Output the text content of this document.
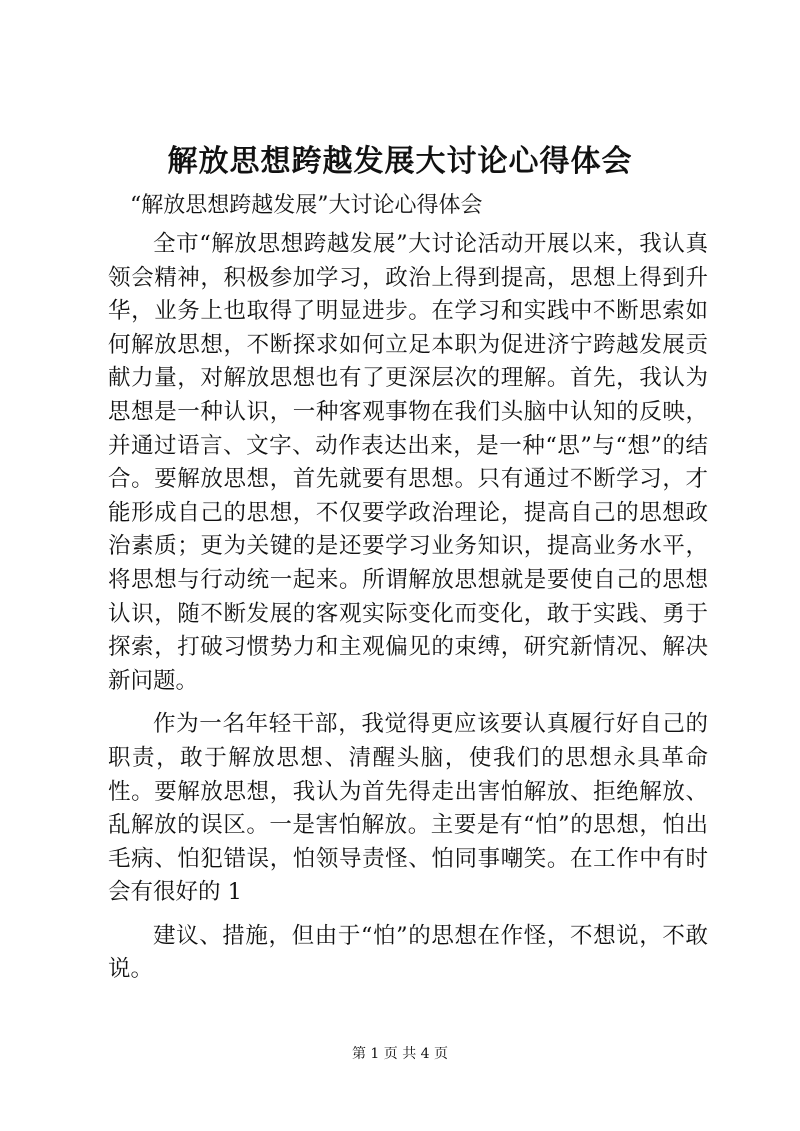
解放思想跨越发展大讨论心得体会
“解放思想跨越发展”大讨论心得体会

全市“解放思想跨越发展”大讨论活动开展以来，我认真领会精神，积极参加学习，政治上得到提高，思想上得到升华，业务上也取得了明显进步。在学习和实践中不断思索如何解放思想，不断探求如何立足本职为促进济宁跨越发展贡献力量，对解放思想也有了更深层次的理解。首先，我认为思想是一种认识，一种客观事物在我们头脑中认知的反映，并通过语言、文字、动作表达出来，是一种“思”与“想”的结合。要解放思想，首先就要有思想。只有通过不断学习，才能形成自己的思想，不仅要学政治理论，提高自己的思想政治素质；更为关键的是还要学习业务知识，提高业务水平，将思想与行动统一起来。所谓解放思想就是要使自己的思想认识，随不断发展的客观实际变化而变化，敢于实践、勇于探索，打破习惯势力和主观偏见的束缚，研究新情况、解决新问题。

作为一名年轻干部，我觉得更应该要认真履行好自己的职责，敢于解放思想、清醒头脑，使我们的思想永具革命性。要解放思想，我认为首先得走出害怕解放、拒绝解放、乱解放的误区。一是害怕解放。主要是有“怕”的思想，怕出毛病、怕犯错误，怕领导责怪、怕同事嘲笑。在工作中有时会有很好的 1

建议、措施，但由于“怕”的思想在作怪，不想说，不敢说。

第 1 页 共 4 页
